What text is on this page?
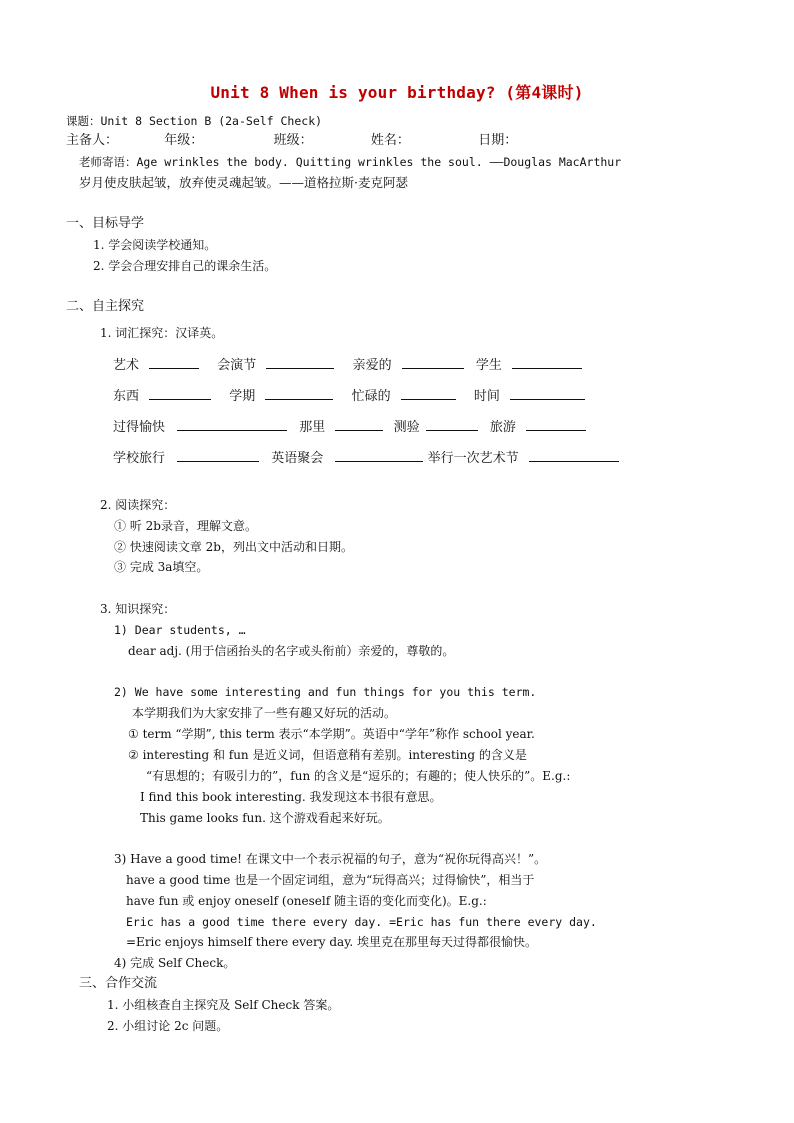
Unit 8 When is your birthday? (第4课时)
课题：Unit 8 Section B (2a-Self Check)
主备人：	年级：	班级：	姓名：	日期：
老师寄语：Age wrinkles the body. Quitting wrinkles the soul. ——Douglas MacArthur
岁月使皮肤起皱，放弃使灵魂起皱。——道格拉斯·麦克阿瑟
一、目标导学
1. 学会阅读学校通知。
2. 学会合理安排自己的课余生活。
二、自主探究
1. 词汇探究：汉译英。
艺术	会演节	亲爱的	学生
东西	学期	忙碌的	时间
过得愉快	那里	测验	旅游
学校旅行	英语聚会	举行一次艺术节
2. 阅读探究：
① 听 2b录音，理解文意。
② 快速阅读文章 2b，列出文中活动和日期。
③ 完成 3a填空。
3. 知识探究：
1) Dear students, …
dear adj. (用于信函抬头的名字或头衔前）亲爱的，尊敬的。
2) We have some interesting and fun things for you this term.
本学期我们为大家安排了一些有趣又好玩的活动。
① term “学期”, this term 表示“本学期”。英语中“学年”称作 school year.
② interesting 和 fun 是近义词，但语意稍有差别。interesting 的含义是
“有思想的；有吸引力的”，fun 的含义是“逗乐的；有趣的；使人快乐的”。E.g.:
I find this book interesting. 我发现这本书很有意思。
This game looks fun. 这个游戏看起来好玩。
3) Have a good time! 在课文中一个表示祝福的句子，意为“祝你玩得高兴！”。
have a good time 也是一个固定词组，意为“玩得高兴；过得愉快”，相当于
have fun 或 enjoy oneself (oneself 随主语的变化而变化)。E.g.:
Eric has a good time there every day. =Eric has fun there every day.
=Eric enjoys himself there every day. 埃里克在那里每天过得都很愉快。
4) 完成 Self Check。
三、合作交流
1. 小组核查自主探究及 Self Check 答案。
2. 小组讨论 2c 问题。
